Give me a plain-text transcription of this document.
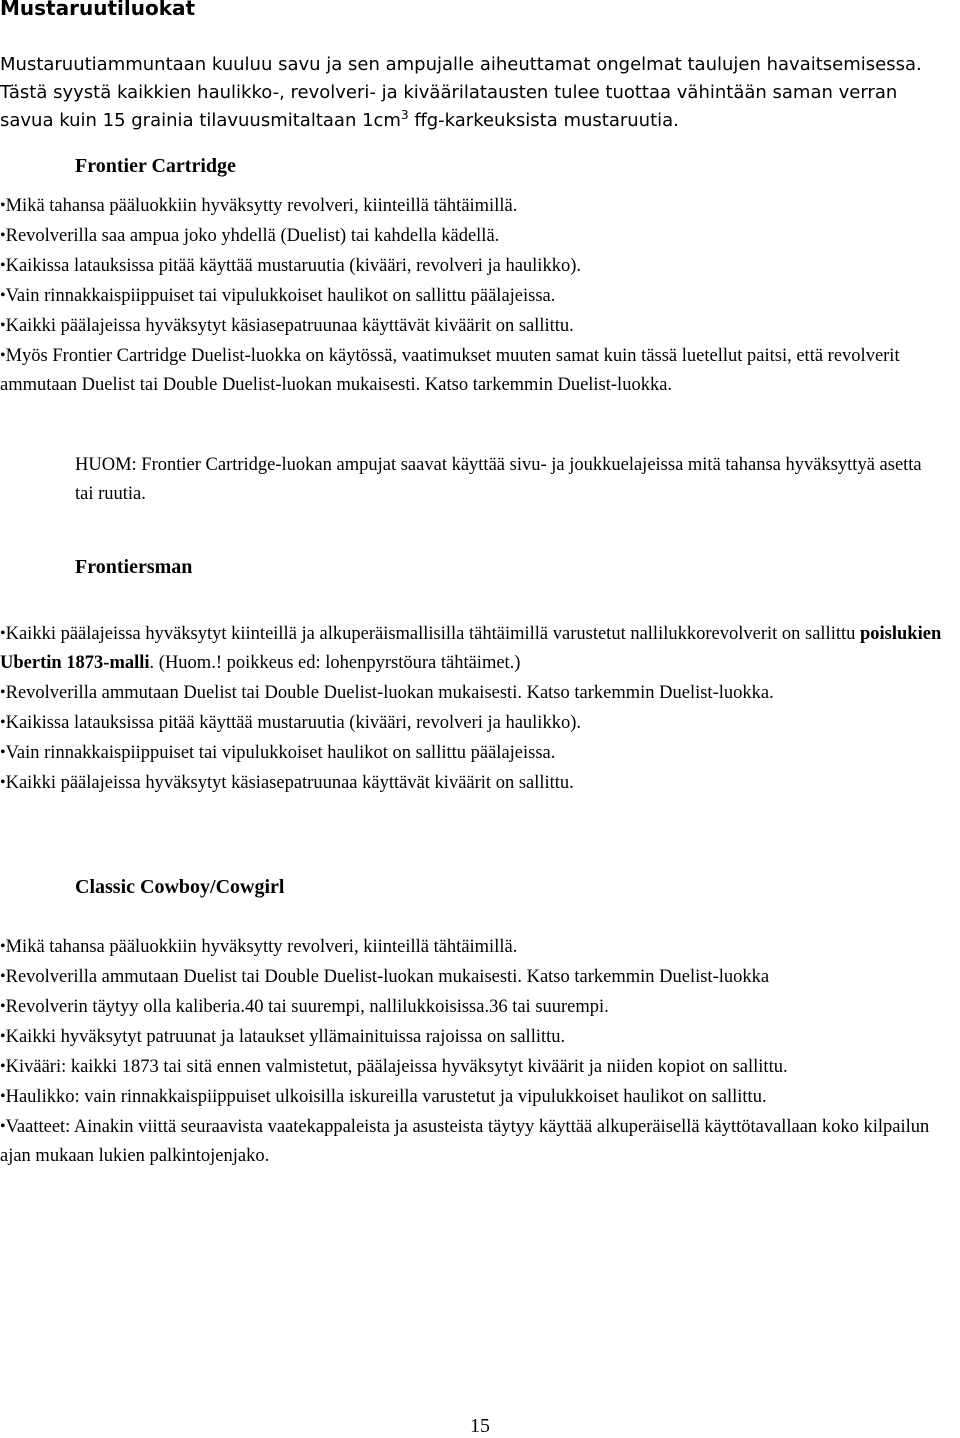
Mustaruutiluokat

Mustaruutiammuntaan kuuluu savu ja sen ampujalle aiheuttamat ongelmat taulujen havaitsemisessa. Tästä syystä kaikkien haulikko-, revolveri- ja kiväärilatausten tulee tuottaa vähintään saman verran savua kuin 15 grainia tilavuusmitaltaan $1cm^3$ ffg-karkeuksista mustaruutia.

Frontier Cartridge

•Mikä tahansa pääluokkiin hyväksytty revolveri, kiinteillä tähtäimillä.

•Revolverilla saa ampua joko yhdellä (Duelist) tai kahdella kädellä.

•Kaikissa latauksissa pitää käyttää mustaruutia (kivääri, revolveri ja haulikko).

•Vain rinnakkaispiippuiset tai vipulukkoiset haulikot on sallittu päälajeissa.

•Kaikki päälajeissa hyväksytyt käsiasepatruunaa käyttävät kiväärit on sallittu.

•Myös Frontier Cartridge Duelist-luokka on käytössä, vaatimukset muuten samat kuin tässä luetellut paitsi, että revolverit ammutaan Duelist tai Double Duelist-luokan mukaisesti. Katso tarkemmin Duelist-luokka.

HUOM: Frontier Cartridge-luokan ampujat saavat käyttää sivu- ja joukkuelajeissa mitä tahansa hyväksyttyä asetta tai ruutia.

Frontiersman

•Kaikki päälajeissa hyväksytyt kiinteillä ja alkuperäismallisilla tähtäimillä varustetut nallilukkorevolverit on sallittu poislukien Ubertin 1873-malli. (Huom.! poikkeus ed: lohenpyrstöura tähtäimet.)

•Revolverilla ammutaan Duelist tai Double Duelist-luokan mukaisesti. Katso tarkemmin Duelist-luokka.

•Kaikissa latauksissa pitää käyttää mustaruutia (kivääri, revolveri ja haulikko).

•Vain rinnakkaispiippuiset tai vipulukkoiset haulikot on sallittu päälajeissa.

•Kaikki päälajeissa hyväksytyt käsiasepatruunaa käyttävät kiväärit on sallittu.

Classic Cowboy/Cowgirl

•Mikä tahansa pääluokkiin hyväksytty revolveri, kiinteillä tähtäimillä.

•Revolverilla ammutaan Duelist tai Double Duelist-luokan mukaisesti. Katso tarkemmin Duelist-luokka

•Revolverin täytyy olla kaliberia.40 tai suurempi, nallilukkoisissa.36 tai suurempi.

•Kaikki hyväksytyt patruunat ja lataukset yllämainituissa rajoissa on sallittu.

•Kivääri: kaikki 1873 tai sitä ennen valmistetut, päälajeissa hyväksytyt kiväärit ja niiden kopiot on sallittu.

•Haulikko: vain rinnakkaispiippuiset ulkoisilla iskureilla varustetut ja vipulukkoiset haulikot on sallittu.

•Vaatteet: Ainakin viittä seuraavista vaatekappaleista ja asusteista täytyy käyttää alkuperäisellä käyttötavallaan koko kilpailun ajan mukaan lukien palkintojenjako.

15
